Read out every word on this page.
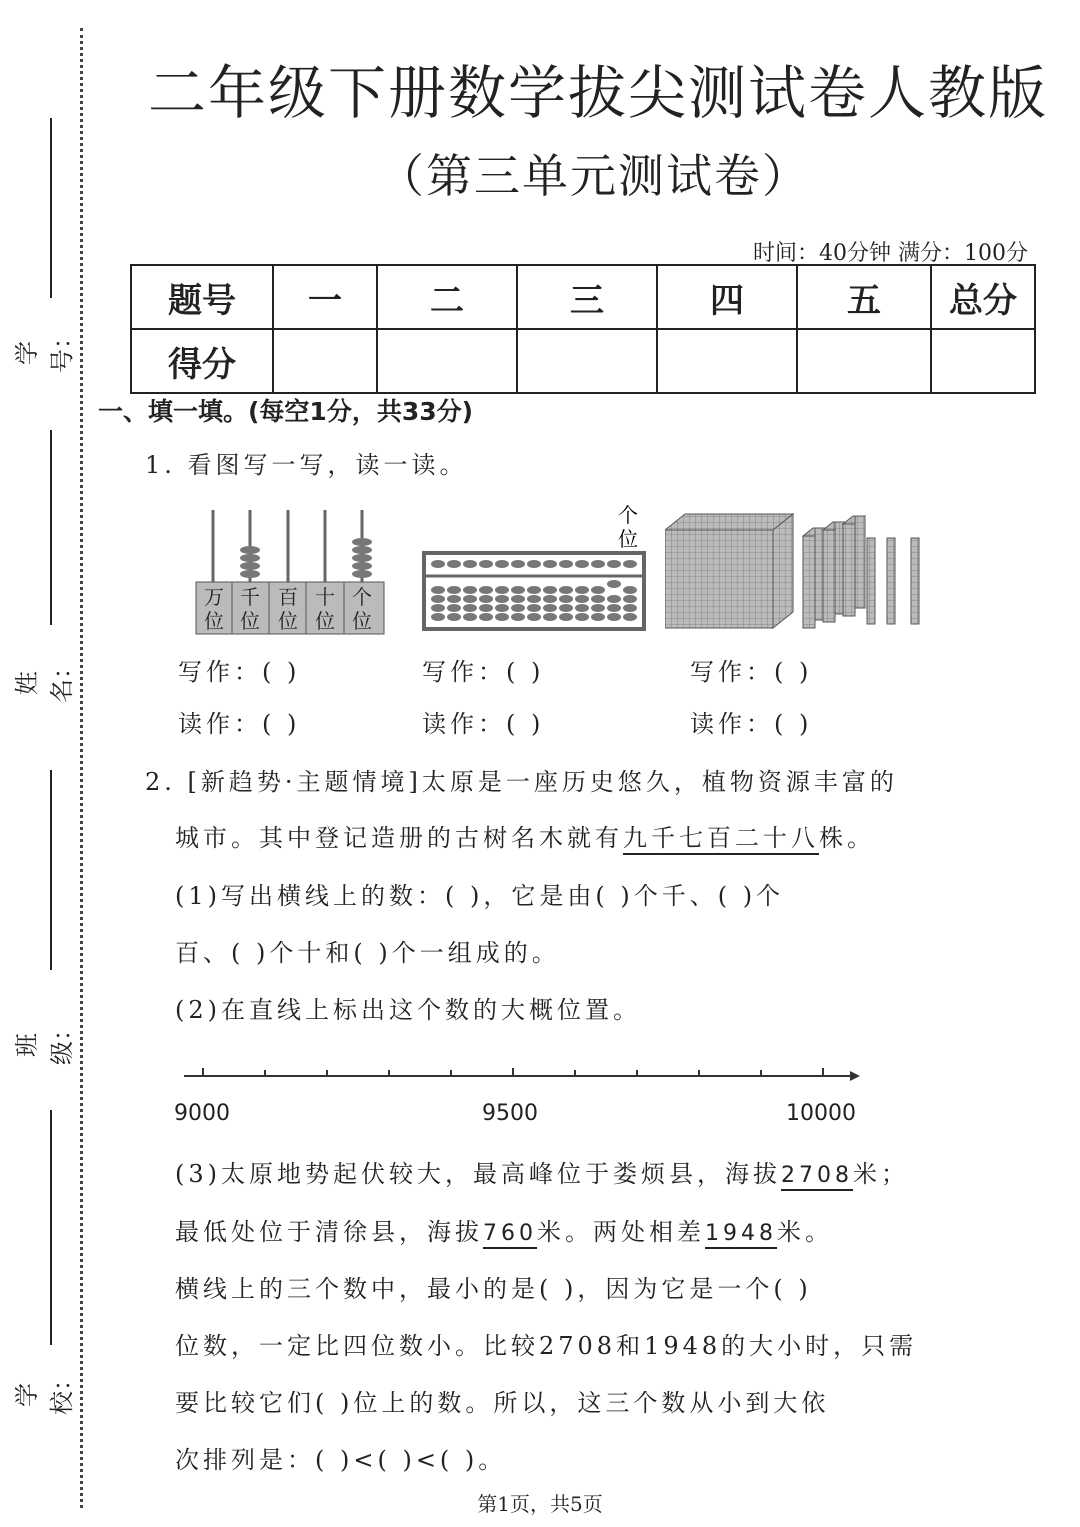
学号：
姓名：
班级：
学校：
二年级下册数学拔尖测试卷人教版
（第三单元测试卷）
时间：40分钟 满分：100分
题号	一	二	三	四	五	总分
得分						
一、填一填。(每空1分，共33分)
1. 看图写一写，读一读。
万
位
千
位
百
位
十
位
个
位
个
位
写作：( )	写作：( )	写作：( )
读作：( )	读作：( )	读作：( )
2. [新趋势·主题情境]太原是一座历史悠久，植物资源丰富的
城市。其中登记造册的古树名木就有九千七百二十八株。
(1)写出横线上的数：( )，它是由( )个千、( )个
百、( )个十和( )个一组成的。
(2)在直线上标出这个数的大概位置。
9000	9500	10000
(3)太原地势起伏较大，最高峰位于娄烦县，海拔2708米；
最低处位于清徐县，海拔760米。两处相差1948米。
横线上的三个数中，最小的是( )，因为它是一个( )
位数，一定比四位数小。比较2708和1948的大小时，只需
要比较它们( )位上的数。所以，这三个数从小到大依
次排列是：( )<( )<( )。
第1页，共5页
